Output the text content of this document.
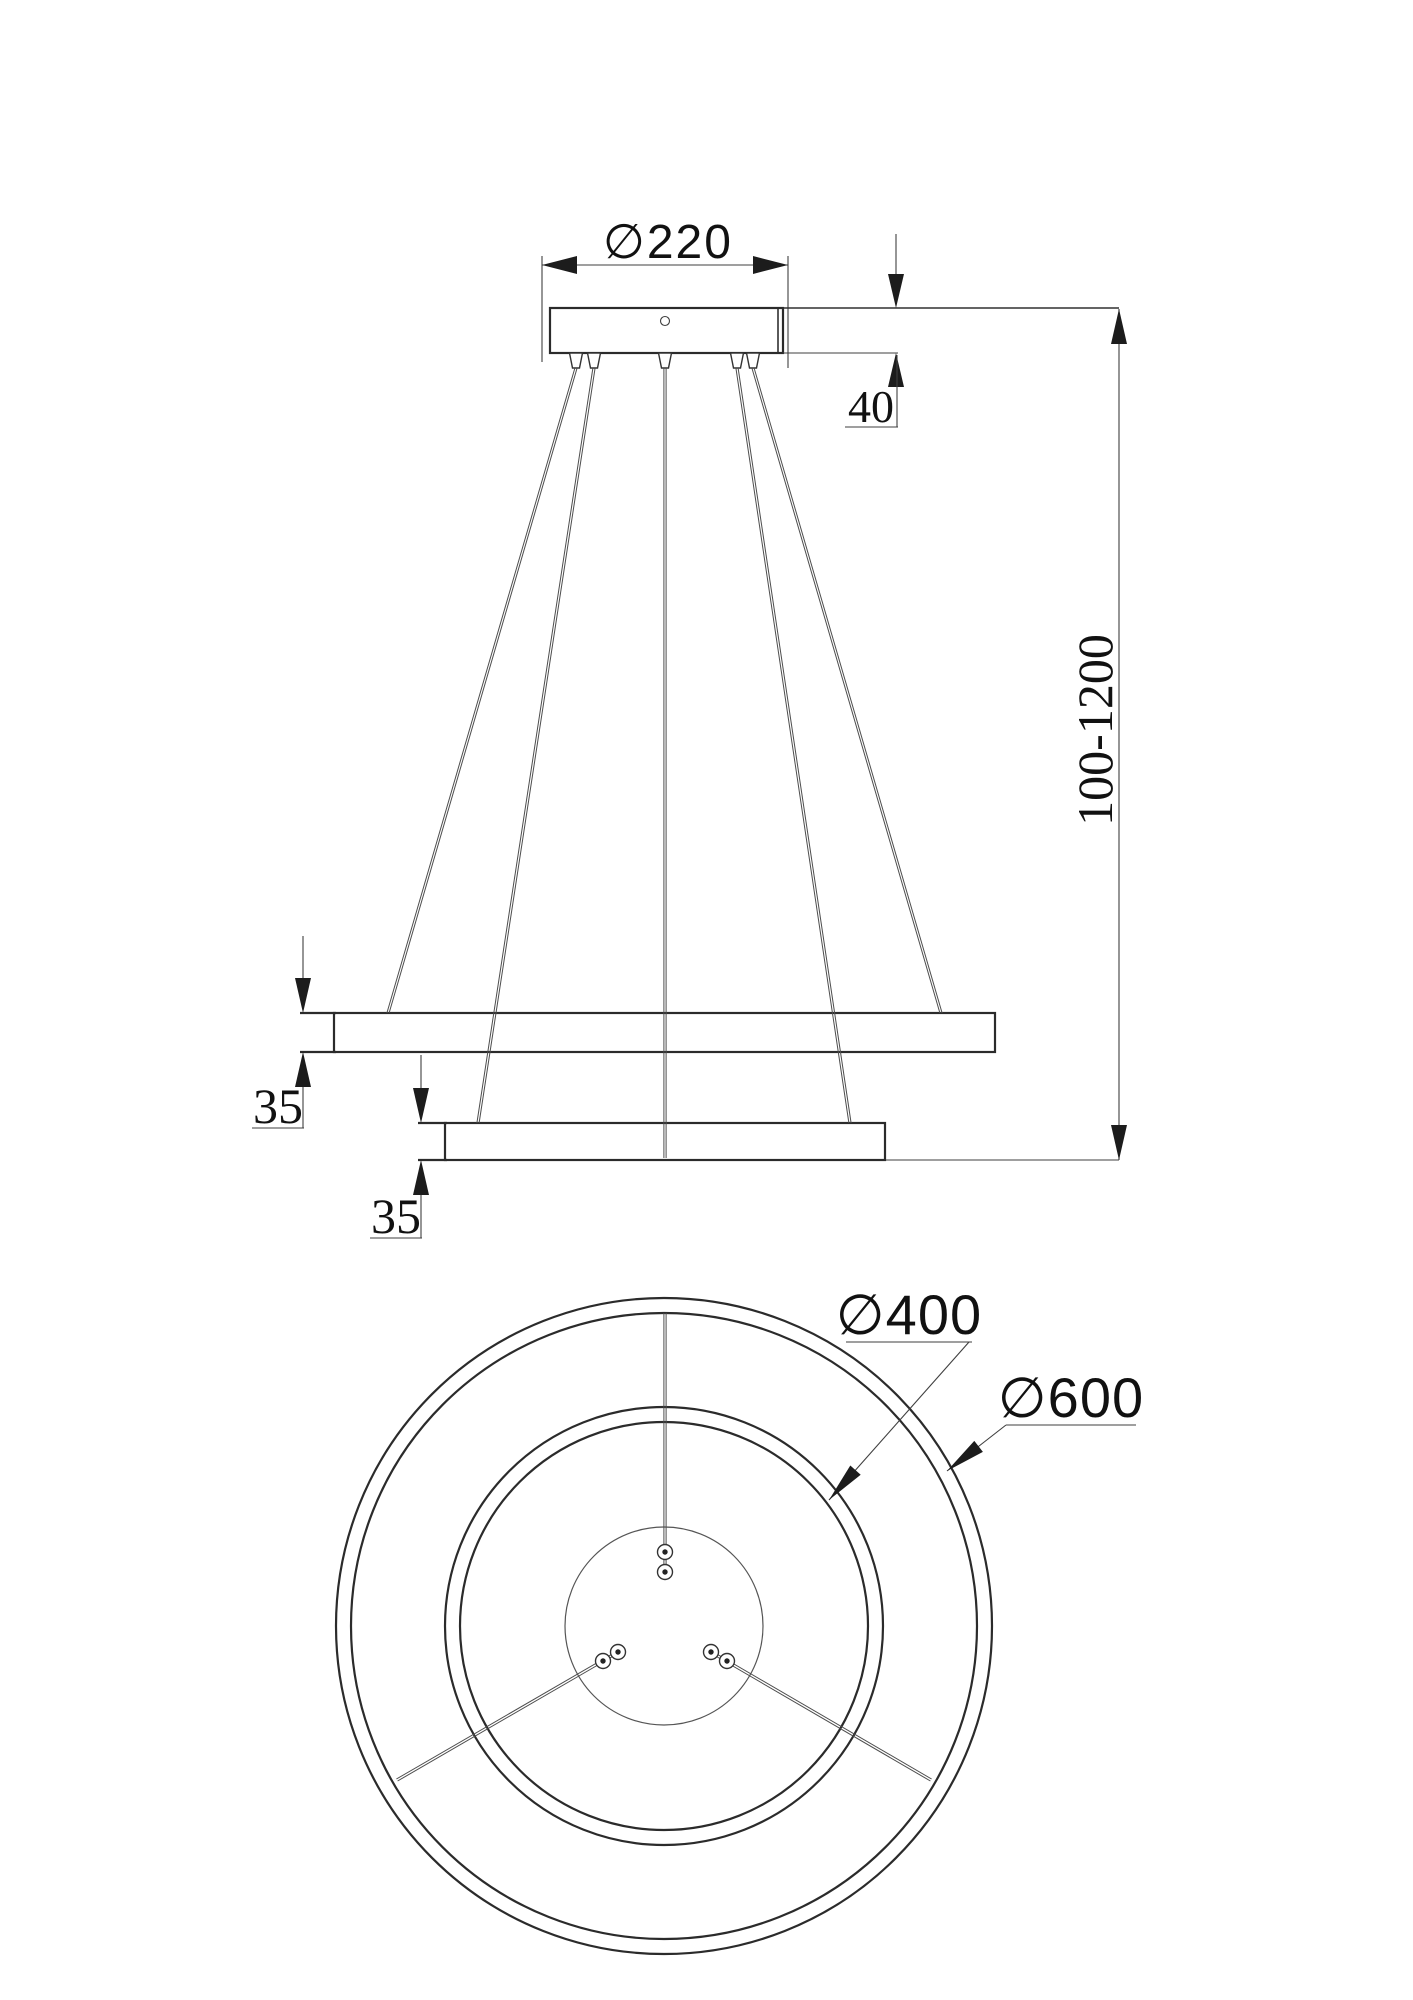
∅220
40
100-1200
35
35
∅400
∅600
